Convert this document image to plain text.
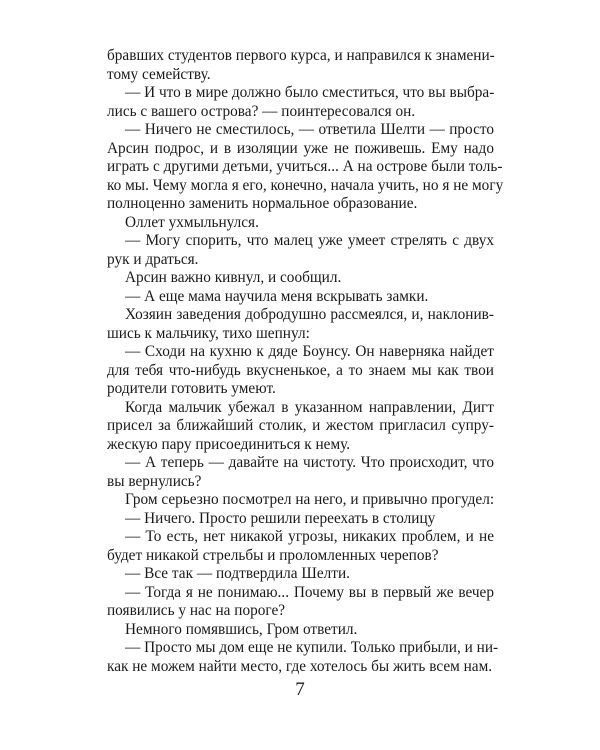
бравших студентов первого курса, и направился к знамени-
тому семейству.
— И что в мире должно было сместиться, что вы выбра-
лись с вашего острова? — поинтересовался он.
— Ничего не сместилось, — ответила Шелти — просто
Арсин подрос, и в изоляции уже не поживешь. Ему надо
играть с другими детьми, учиться... А на острове были толь-
ко мы. Чему могла я его, конечно, начала учить, но я не могу
полноценно заменить нормальное образование.
Оллет ухмыльнулся.
— Могу спорить, что малец уже умеет стрелять с двух
рук и драться.
Арсин важно кивнул, и сообщил.
— А еще мама научила меня вскрывать замки.
Хозяин заведения добродушно рассмеялся, и, наклонив-
шись к мальчику, тихо шепнул:
— Сходи на кухню к дяде Боунсу. Он наверняка найдет
для тебя что-нибудь вкусненькое, а то знаем мы как твои
родители готовить умеют.
Когда мальчик убежал в указанном направлении, Дигт
присел за ближайший столик, и жестом пригласил супру-
жескую пару присоединиться к нему.
— А теперь — давайте на чистоту. Что происходит, что
вы вернулись?
Гром серьезно посмотрел на него, и привычно прогудел:
— Ничего. Просто решили переехать в столицу
— То есть, нет никакой угрозы, никаких проблем, и не
будет никакой стрельбы и проломленных черепов?
— Все так — подтвердила Шелти.
— Тогда я не понимаю... Почему вы в первый же вечер
появились у нас на пороге?
Немного помявшись, Гром ответил.
— Просто мы дом еще не купили. Только прибыли, и ни-
как не можем найти место, где хотелось бы жить всем нам.
7
